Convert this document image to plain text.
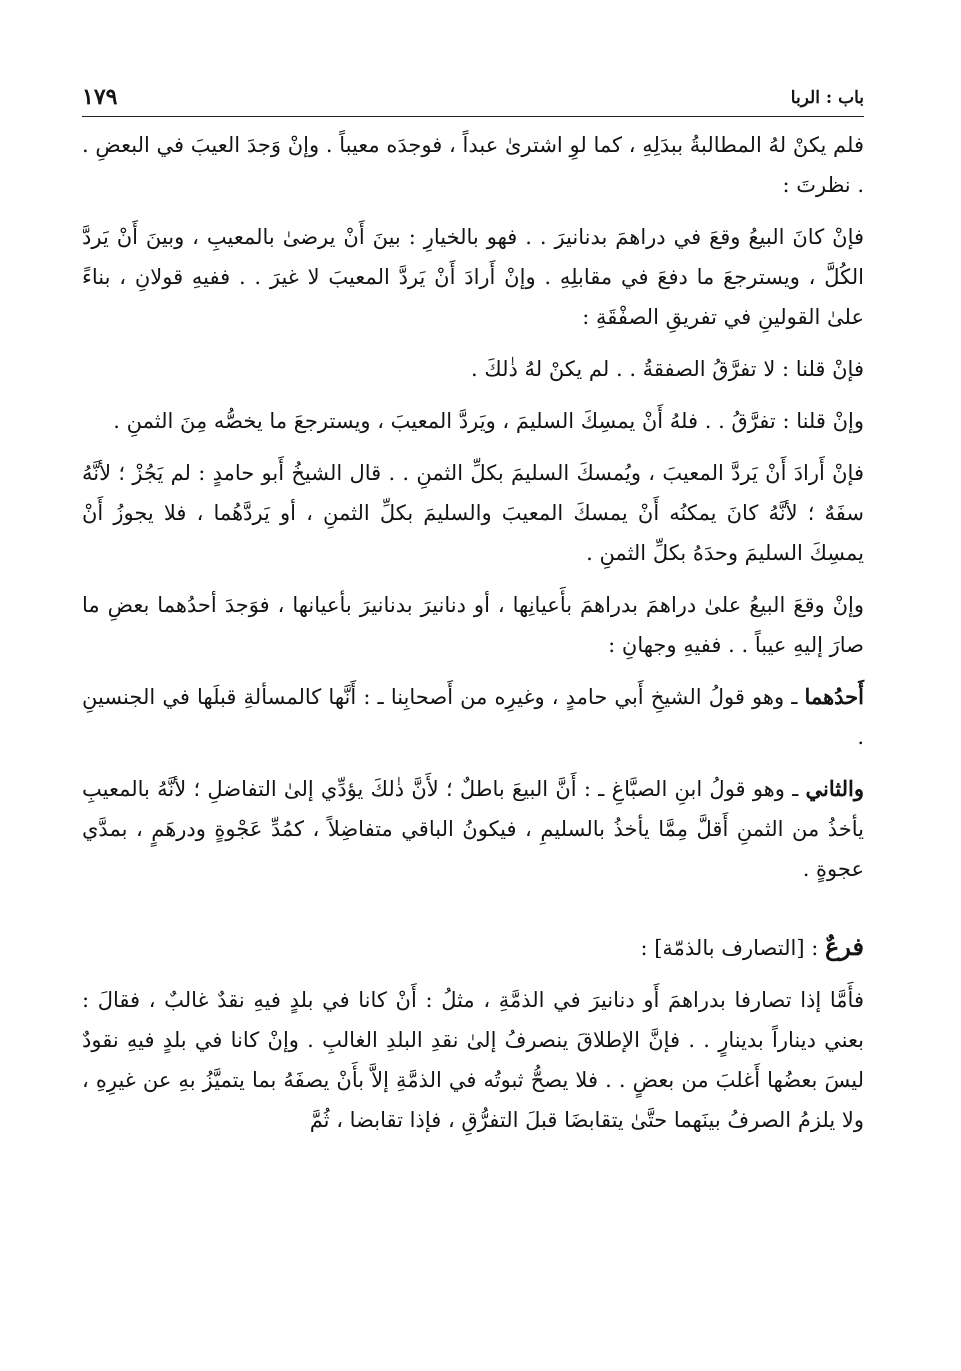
باب : الربا
١٧٩

فلم يكنْ لهُ المطالبةُ ببدَلِهِ ، كما لوِ اشترىٰ عبداً ، فوجدَه معيباً . وإنْ وَجدَ العيبَ في البعضِ . . نظرتَ :

فإنْ كانَ البيعُ وقعَ في دراهمَ بدنانيرَ . . فهو بالخيارِ : بينَ أَنْ يرضىٰ بالمعيبِ ، وبينَ أَنْ يَردَّ الكُلَّ ، ويسترجعَ ما دفعَ في مقابلِهِ . وإنْ أَرادَ أَنْ يَردَّ المعيبَ لا غيرَ . . ففيهِ قولانِ ، بناءً علىٰ القولينِ في تفريقِ الصفْقَةِ :

فإنْ قلنا : لا تفرَّقُ الصفقةُ . . لم يكنْ لهُ ذٰلكَ .

وإنْ قلنا : تفرَّقُ . . فلهُ أَنْ يمسِكَ السليمَ ، ويَردَّ المعيبَ ، ويسترجعَ ما يخصُّه مِنَ الثمنِ .

فإنْ أَرادَ أَنْ يَردَّ المعيبَ ، ويُمسكَ السليمَ بكلِّ الثمنِ . . قال الشيخُ أَبو حامدٍ : لم يَجُزْ ؛ لأنَّهُ سفَهٌ ؛ لأنَّهُ كانَ يمكنُه أَنْ يمسكَ المعيبَ والسليمَ بكلِّ الثمنِ ، أو يَردَّهُما ، فلا يجوزُ أَنْ يمسِكَ السليمَ وحدَهُ بكلِّ الثمنِ .

وإنْ وقعَ البيعُ علىٰ دراهمَ بدراهمَ بأَعيانِها ، أو دنانيرَ بدنانيرَ بأعيانها ، فوَجدَ أحدُهما بعضِ ما صارَ إليهِ عيباً . . ففيهِ وجهانِ :

أَحدُهما ـ وهو قولُ الشيخِ أَبي حامدٍ ، وغيرِه من أَصحابِنا ـ : أَنَّها كالمسألةِ قبلَها في الجنسينِ .

والثاني ـ وهو قولُ ابنِ الصبَّاغِ ـ : أَنَّ البيعَ باطلٌ ؛ لأَنَّ ذٰلكَ يؤدِّي إلىٰ التفاضلِ ؛ لأنَّهُ بالمعيبِ يأخذُ من الثمنِ أَقلَّ مِمَّا يأخذُ بالسليمِ ، فيكونُ الباقي متفاضِلاً ، كمُدِّ عَجْوةٍ ودرهَمٍ ، بمدَّي عجوةٍ .

فرعٌ : [التصارف بالذمّة] :

فأَمَّا إذا تصارفا بدراهمَ أَو دنانيرَ في الذمَّةِ ، مثلُ : أَنْ كانا في بلدٍ فيهِ نقدٌ غالبٌ ، فقالَ : بعني ديناراً بدينارٍ . . فإنَّ الإطلاقَ ينصرفُ إلىٰ نقدِ البلدِ الغالبِ . وإنْ كانا في بلدٍ فيهِ نقودٌ ليسَ بعضُها أَغلبَ من بعضٍ . . فلا يصحُّ ثبوتُه في الذمَّةِ إلاَّ بأَنْ يصفَهُ بما يتميَّزُ بهِ عن غيرِهِ ، ولا يلزمُ الصرفُ بينَهما حتَّىٰ يتقابضَا قبلَ التفرُّقِ ، فإذا تقابضا ، ثُمَّ
